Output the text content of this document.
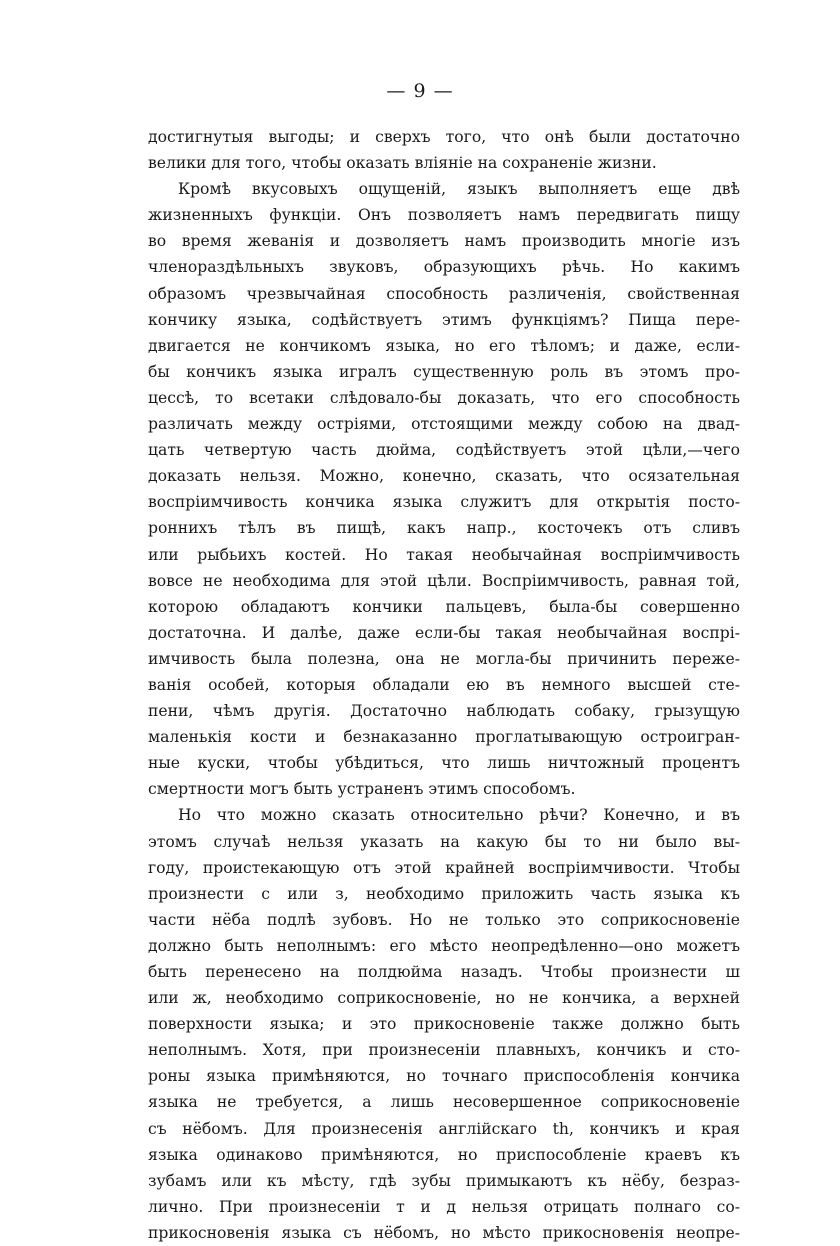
— 9 —
достигнутыя выгоды; и сверхъ того, что онѣ были достаточно
велики для того, чтобы оказать вліяніе на сохраненіе жизни.
Кромѣ вкусовыхъ ощущеній, языкъ выполняетъ еще двѣ
жизненныхъ функціи. Онъ позволяетъ намъ передвигать пищу
во время жеванія и дозволяетъ намъ производить многіе изъ
членораздѣльныхъ звуковъ, образующихъ рѣчь. Но какимъ
образомъ чрезвычайная способность различенія, свойственная
кончику языка, содѣйствуетъ этимъ функціямъ? Пища пере-
двигается не кончикомъ языка, но его тѣломъ; и даже, если-
бы кончикъ языка игралъ существенную роль въ этомъ про-
цессѣ, то всетаки слѣдовало-бы доказать, что его способность
различать между остріями, отстоящими между собою на двад-
цать четвертую часть дюйма, содѣйствуетъ этой цѣли,—чего
доказать нельзя. Можно, конечно, сказать, что осязательная
воспріимчивость кончика языка служитъ для открытія посто-
роннихъ тѣлъ въ пищѣ, какъ напр., косточекъ отъ сливъ
или рыбьихъ костей. Но такая необычайная воспріимчивость
вовсе не необходима для этой цѣли. Воспріимчивость, равная той,
которою обладаютъ кончики пальцевъ, была-бы совершенно
достаточна. И далѣе, даже если-бы такая необычайная воспрі-
имчивость была полезна, она не могла-бы причинить пережe-
ванія особей, которыя обладали ею въ немного высшей сте-
пени, чѣмъ другія. Достаточно наблюдать собаку, грызущую
маленькія кости и безнаказанно проглатывающую остроигран-
ные куски, чтобы убѣдиться, что лишь ничтожный процентъ
смертности могъ быть устраненъ этимъ способомъ.
Но что можно сказать относительно рѣчи? Конечно, и въ
этомъ случаѣ нельзя указать на какую бы то ни было вы-
году, проистекающую отъ этой крайней воспріимчивости. Чтобы
произнести с или з, необходимо приложить часть языка къ
части нёба подлѣ зубовъ. Но не только это соприкосновеніе
должно быть неполнымъ: его мѣсто неопредѣленно—оно можетъ
быть перенесено на полдюйма назадъ. Чтобы произнести ш
или ж, необходимо соприкосновеніе, но не кончика, а верхней
поверхности языка; и это прикосновеніе также должно быть
неполнымъ. Хотя, при произнесеніи плавныхъ, кончикъ и сто-
роны языка примѣняются, но точнаго приспособленія кончика
языка не требуется, а лишь несовершенное соприкосновеніе
съ нёбомъ. Для произнесенія англійскаго th, кончикъ и края
языка одинаково примѣняются, но приспособленіе краевъ къ
зубамъ или къ мѣсту, гдѣ зубы примыкаютъ къ нёбу, безраз-
лично. При произнесеніи т и д нельзя отрицать полнаго со-
прикосновенія языка съ нёбомъ, но мѣсто прикосновенія неопре-
